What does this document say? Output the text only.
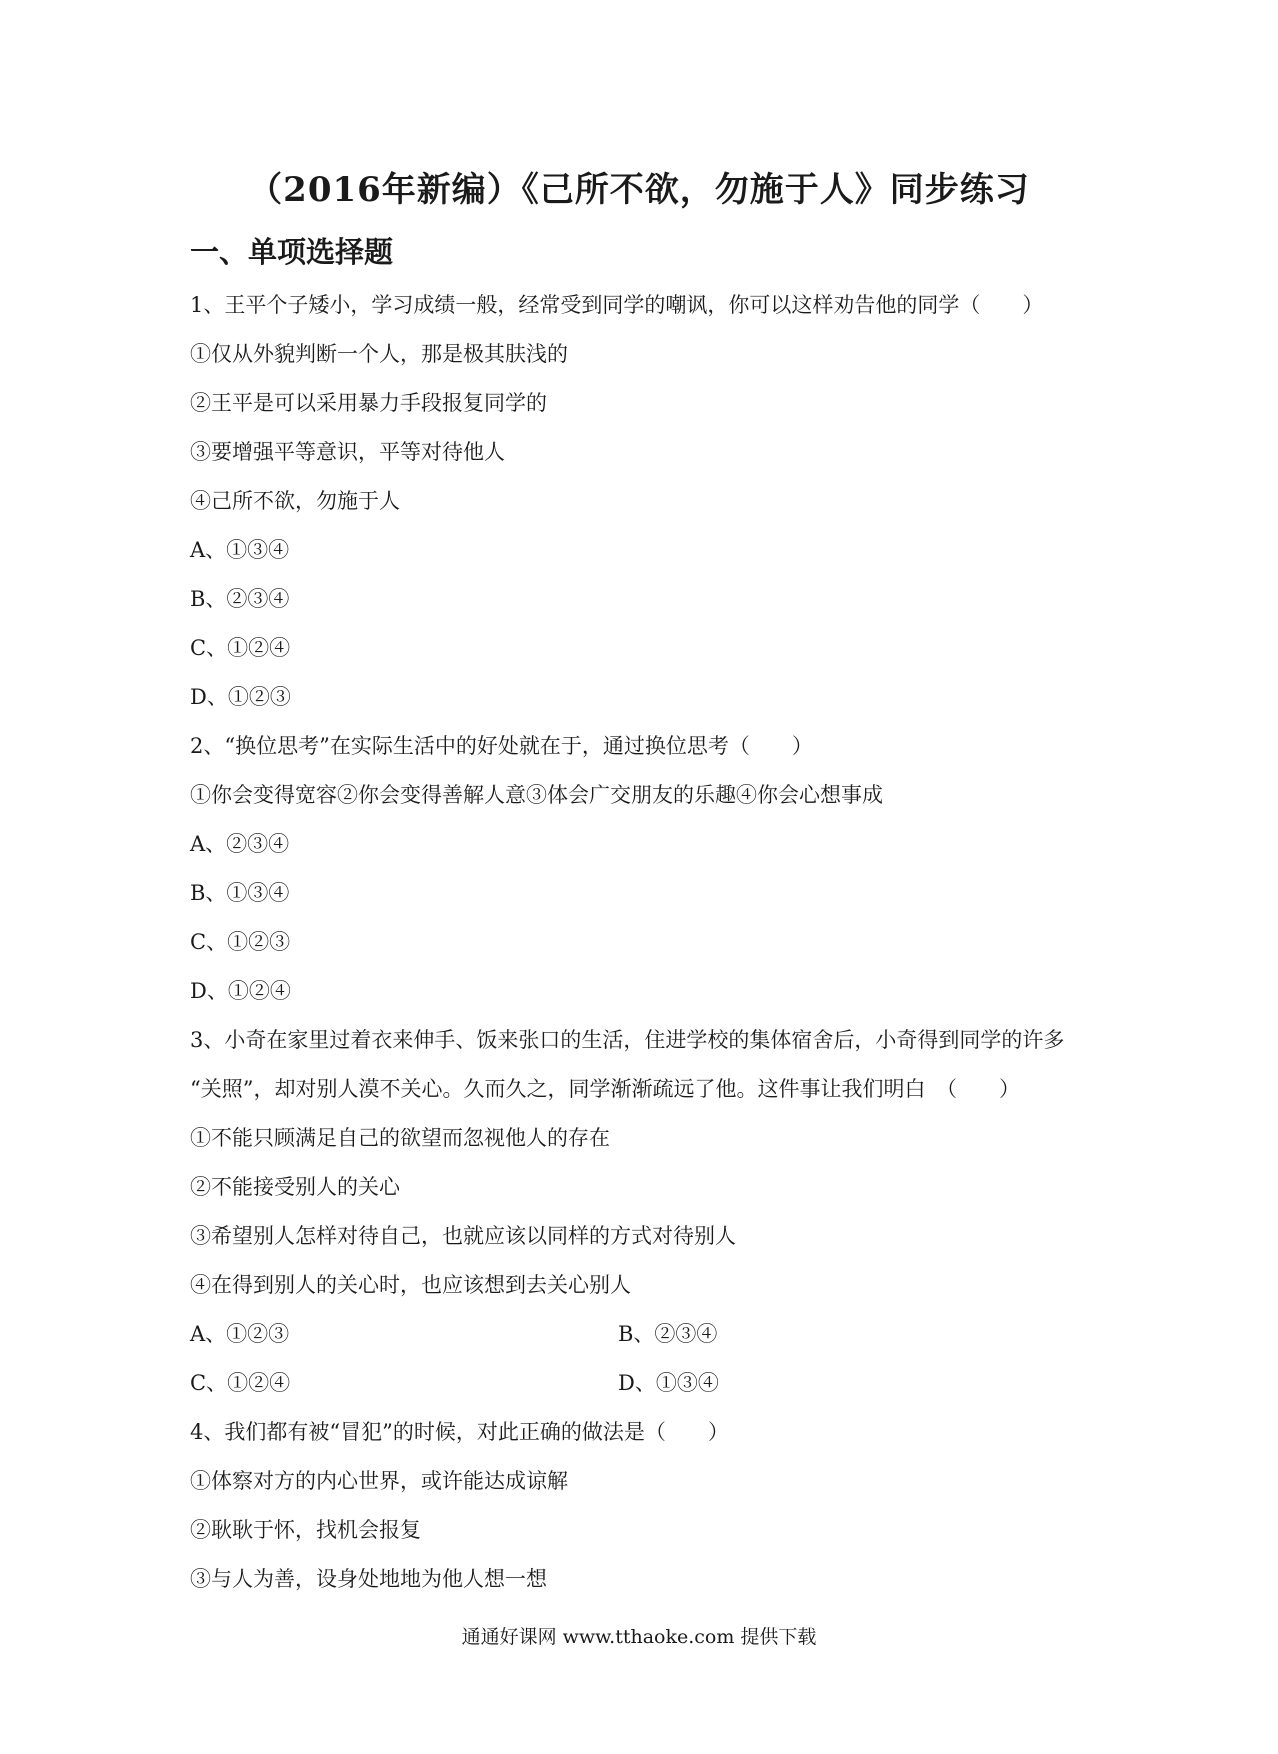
（2016年新编）《己所不欲，勿施于人》同步练习
一、单项选择题
1、王平个子矮小，学习成绩一般，经常受到同学的嘲讽，你可以这样劝告他的同学（　　）
①仅从外貌判断一个人，那是极其肤浅的
②王平是可以采用暴力手段报复同学的
③要增强平等意识，平等对待他人
④己所不欲，勿施于人
A、①③④
B、②③④
C、①②④
D、①②③
2、“换位思考”在实际生活中的好处就在于，通过换位思考（　　）
①你会变得宽容②你会变得善解人意③体会广交朋友的乐趣④你会心想事成
A、②③④
B、①③④
C、①②③
D、①②④
3、小奇在家里过着衣来伸手、饭来张口的生活，住进学校的集体宿舍后，小奇得到同学的许多
“关照”，却对别人漠不关心。久而久之，同学渐渐疏远了他。这件事让我们明白　（　　）
①不能只顾满足自己的欲望而忽视他人的存在
②不能接受别人的关心
③希望别人怎样对待自己，也就应该以同样的方式对待别人
④在得到别人的关心时，也应该想到去关心别人
A、①②③	B、②③④
C、①②④	D、①③④
4、我们都有被“冒犯”的时候，对此正确的做法是（　　）
①体察对方的内心世界，或许能达成谅解
②耿耿于怀，找机会报复
③与人为善，设身处地地为他人想一想
通通好课网 www.tthaoke.com 提供下载
